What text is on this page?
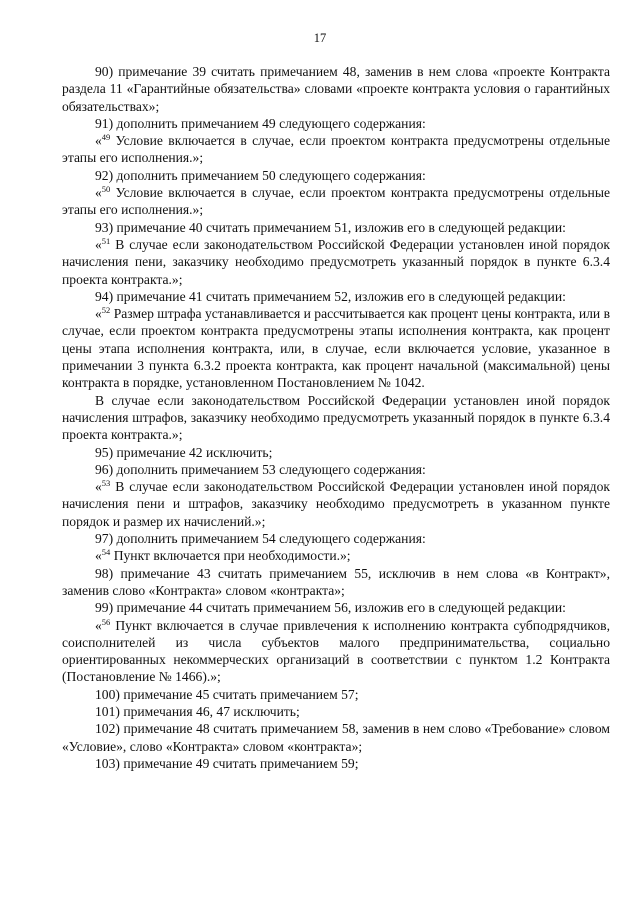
17

90) примечание 39 считать примечанием 48, заменив в нем слова «проекте Контракта раздела 11 «Гарантийные обязательства» словами «проекте контракта условия о гарантийных обязательствах»;

91) дополнить примечанием 49 следующего содержания:

«$^{49}$ Условие включается в случае, если проектом контракта предусмотрены отдельные этапы его исполнения.»;

92) дополнить примечанием 50 следующего содержания:

«$^{50}$ Условие включается в случае, если проектом контракта предусмотрены отдельные этапы его исполнения.»;

93) примечание 40 считать примечанием 51, изложив его в следующей редакции:

«$^{51}$ В случае если законодательством Российской Федерации установлен иной порядок начисления пени, заказчику необходимо предусмотреть указанный порядок в пункте 6.3.4 проекта контракта.»;

94) примечание 41 считать примечанием 52, изложив его в следующей редакции:

«$^{52}$ Размер штрафа устанавливается и рассчитывается как процент цены контракта, или в случае, если проектом контракта предусмотрены этапы исполнения контракта, как процент цены этапа исполнения контракта, или, в случае, если включается условие, указанное в примечании 3 пункта 6.3.2 проекта контракта, как процент начальной (максимальной) цены контракта в порядке, установленном Постановлением № 1042.

В случае если законодательством Российской Федерации установлен иной порядок начисления штрафов, заказчику необходимо предусмотреть указанный порядок в пункте 6.3.4 проекта контракта.»;

95) примечание 42 исключить;

96) дополнить примечанием 53 следующего содержания:

«$^{53}$ В случае если законодательством Российской Федерации установлен иной порядок начисления пени и штрафов, заказчику необходимо предусмотреть в указанном пункте порядок и размер их начислений.»;

97) дополнить примечанием 54 следующего содержания:

«$^{54}$ Пункт включается при необходимости.»;

98) примечание 43 считать примечанием 55, исключив в нем слова «в Контракт», заменив слово «Контракта» словом «контракта»;

99) примечание 44 считать примечанием 56, изложив его в следующей редакции:

«$^{56}$ Пункт включается в случае привлечения к исполнению контракта субподрядчиков, соисполнителей из числа субъектов малого предпринимательства, социально ориентированных некоммерческих организаций в соответствии с пунктом 1.2 Контракта (Постановление № 1466).»;

100) примечание 45 считать примечанием 57;

101) примечания 46, 47 исключить;

102) примечание 48 считать примечанием 58, заменив в нем слово «Требование» словом «Условие», слово «Контракта» словом «контракта»;

103) примечание 49 считать примечанием 59;
